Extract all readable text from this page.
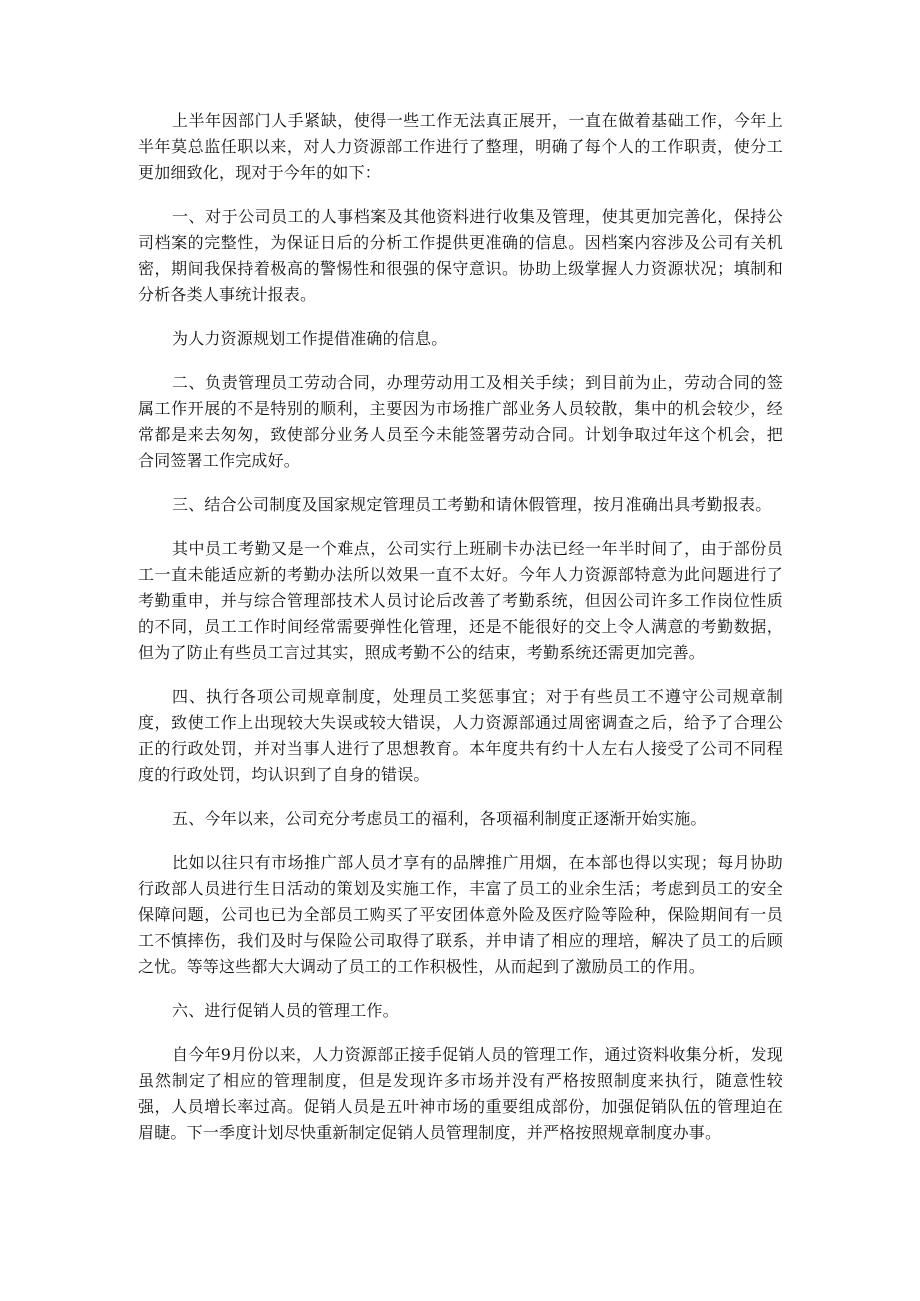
上半年因部门人手紧缺，使得一些工作无法真正展开，一直在做着基础工作，今年上半年莫总监任职以来，对人力资源部工作进行了整理，明确了每个人的工作职责，使分工更加细致化，现对于今年的如下：

一、对于公司员工的人事档案及其他资料进行收集及管理，使其更加完善化，保持公司档案的完整性，为保证日后的分析工作提供更准确的信息。因档案内容涉及公司有关机密，期间我保持着极高的警惕性和很强的保守意识。协助上级掌握人力资源状况；填制和分析各类人事统计报表。

为人力资源规划工作提借准确的信息。

二、负责管理员工劳动合同，办理劳动用工及相关手续；到目前为止，劳动合同的签属工作开展的不是特别的顺利，主要因为市场推广部业务人员较散，集中的机会较少，经常都是来去匆匆，致使部分业务人员至今未能签署劳动合同。计划争取过年这个机会，把合同签署工作完成好。

三、结合公司制度及国家规定管理员工考勤和请休假管理，按月准确出具考勤报表。

其中员工考勤又是一个难点，公司实行上班刷卡办法已经一年半时间了，由于部份员工一直未能适应新的考勤办法所以效果一直不太好。今年人力资源部特意为此问题进行了考勤重申，并与综合管理部技术人员讨论后改善了考勤系统，但因公司许多工作岗位性质的不同，员工工作时间经常需要弹性化管理，还是不能很好的交上令人满意的考勤数据，但为了防止有些员工言过其实，照成考勤不公的结束，考勤系统还需更加完善。

四、执行各项公司规章制度，处理员工奖惩事宜；对于有些员工不遵守公司规章制度，致使工作上出现较大失误或较大错误，人力资源部通过周密调查之后，给予了合理公正的行政处罚，并对当事人进行了思想教育。本年度共有约十人左右人接受了公司不同程度的行政处罚，均认识到了自身的错误。

五、今年以来，公司充分考虑员工的福利，各项福利制度正逐渐开始实施。

比如以往只有市场推广部人员才享有的品牌推广用烟，在本部也得以实现；每月协助行政部人员进行生日活动的策划及实施工作，丰富了员工的业余生活；考虑到员工的安全保障问题，公司也已为全部员工购买了平安团体意外险及医疗险等险种，保险期间有一员工不慎摔伤，我们及时与保险公司取得了联系，并申请了相应的理培，解决了员工的后顾之忧。等等这些都大大调动了员工的工作积极性，从而起到了激励员工的作用。

六、进行促销人员的管理工作。

自今年9月份以来，人力资源部正接手促销人员的管理工作，通过资料收集分析，发现虽然制定了相应的管理制度，但是发现许多市场并没有严格按照制度来执行，随意性较强，人员增长率过高。促销人员是五叶神市场的重要组成部份，加强促销队伍的管理迫在眉睫。下一季度计划尽快重新制定促销人员管理制度，并严格按照规章制度办事。
